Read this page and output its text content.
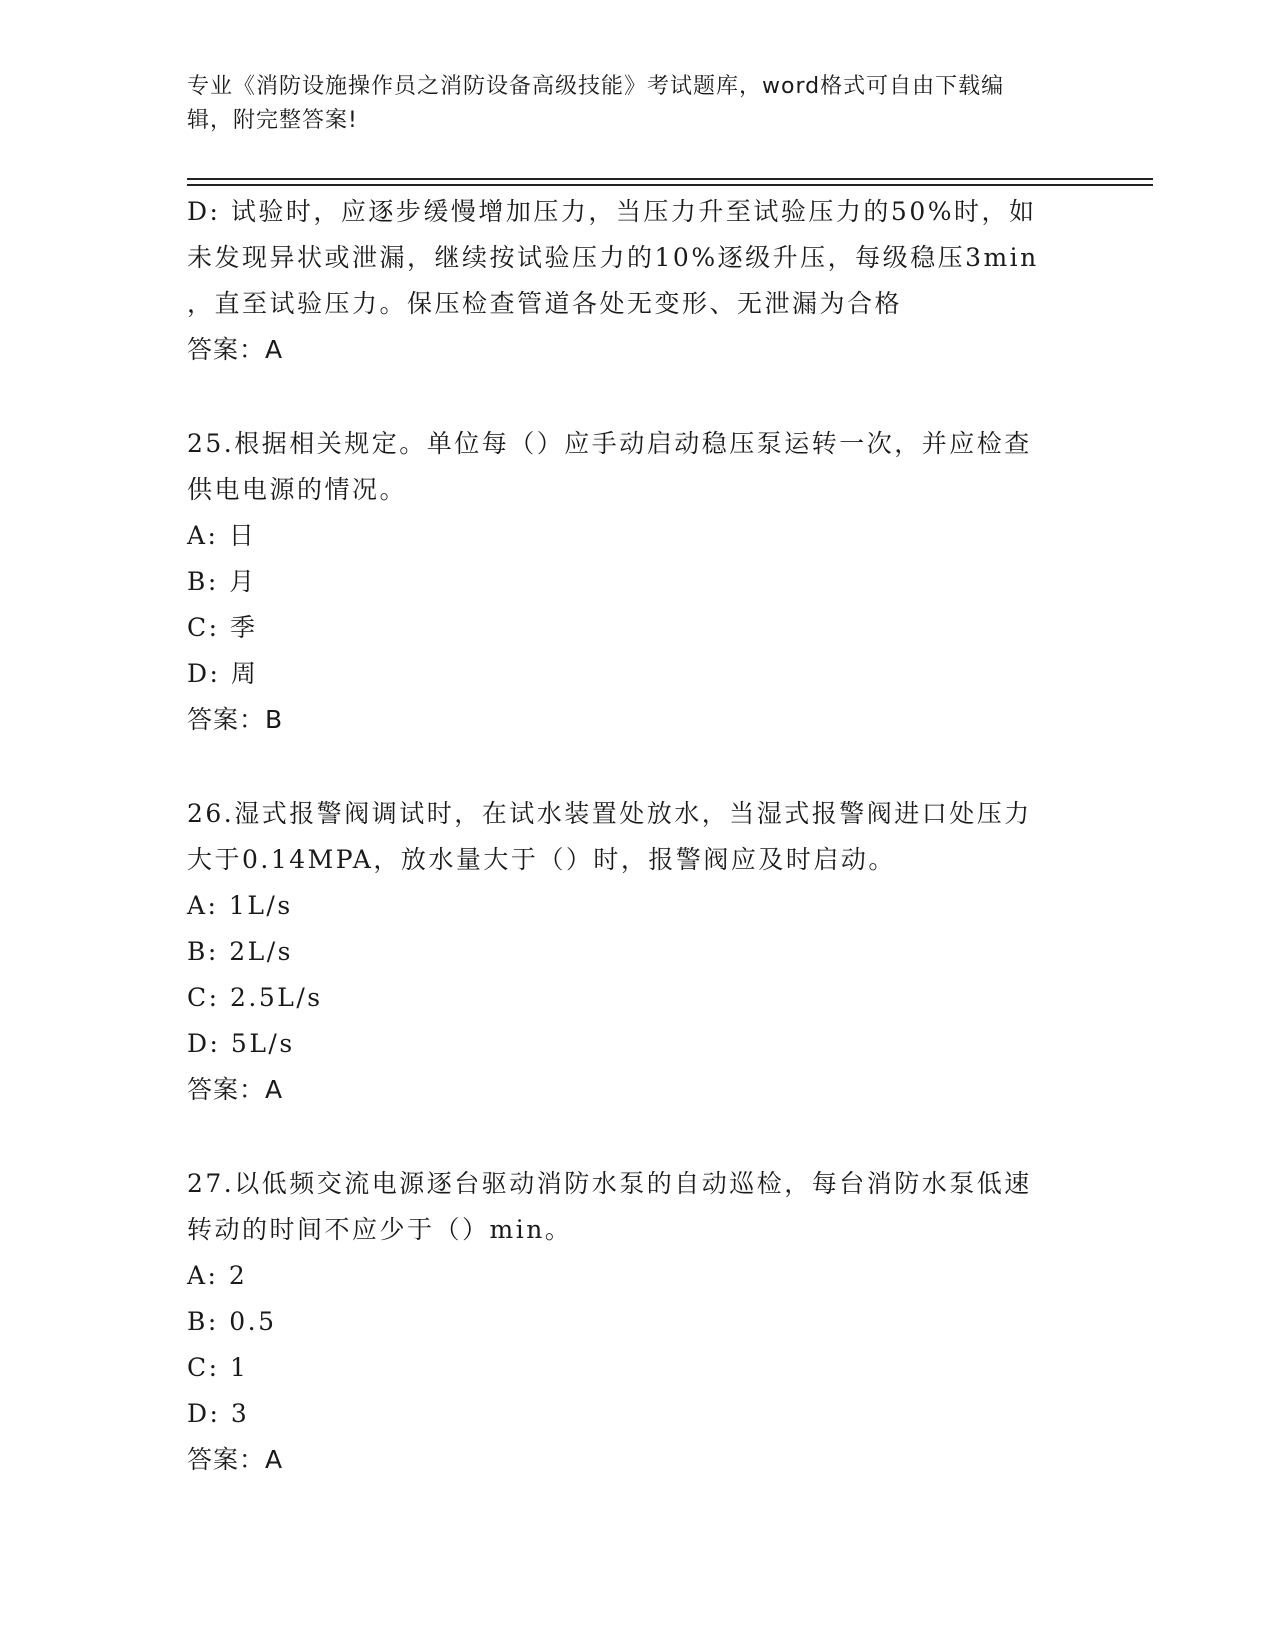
专业《消防设施操作员之消防设备高级技能》考试题库，word格式可自由下载编
辑，附完整答案!
D: 试验时，应逐步缓慢增加压力，当压力升至试验压力的50%时，如
未发现异状或泄漏，继续按试验压力的10%逐级升压，每级稳压3min
，直至试验压力。保压检查管道各处无变形、无泄漏为合格
答案：A
25.根据相关规定。单位每（）应手动启动稳压泵运转一次，并应检查
供电电源的情况。
A: 日
B: 月
C: 季
D: 周
答案：B
26.湿式报警阀调试时，在试水装置处放水，当湿式报警阀进口处压力
大于0.14MPA，放水量大于（）时，报警阀应及时启动。
A: 1L/s
B: 2L/s
C: 2.5L/s
D: 5L/s
答案：A
27.以低频交流电源逐台驱动消防水泵的自动巡检，每台消防水泵低速
转动的时间不应少于（）min。
A: 2
B: 0.5
C: 1
D: 3
答案：A
